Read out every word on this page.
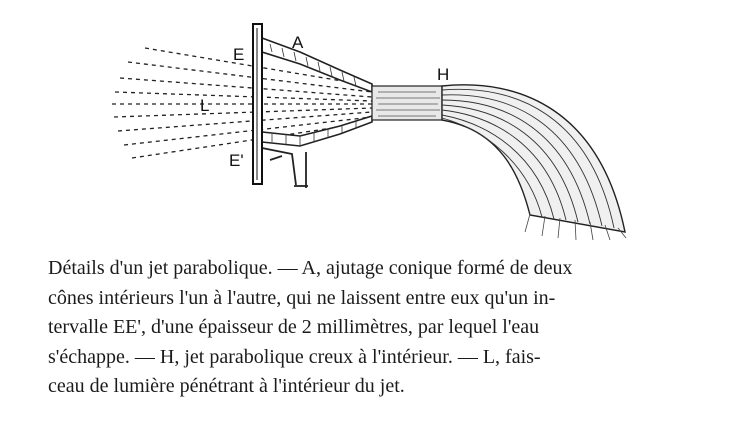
A
H
E
E'
L

Détails d'un jet parabolique. — A, ajutage conique formé de deux
cônes intérieurs l'un à l'autre, qui ne laissent entre eux qu'un in-
tervalle EE', d'une épaisseur de 2 millimètres, par lequel l'eau
s'échappe. — H, jet parabolique creux à l'intérieur. — L, fais-
ceau de lumière pénétrant à l'intérieur du jet.
